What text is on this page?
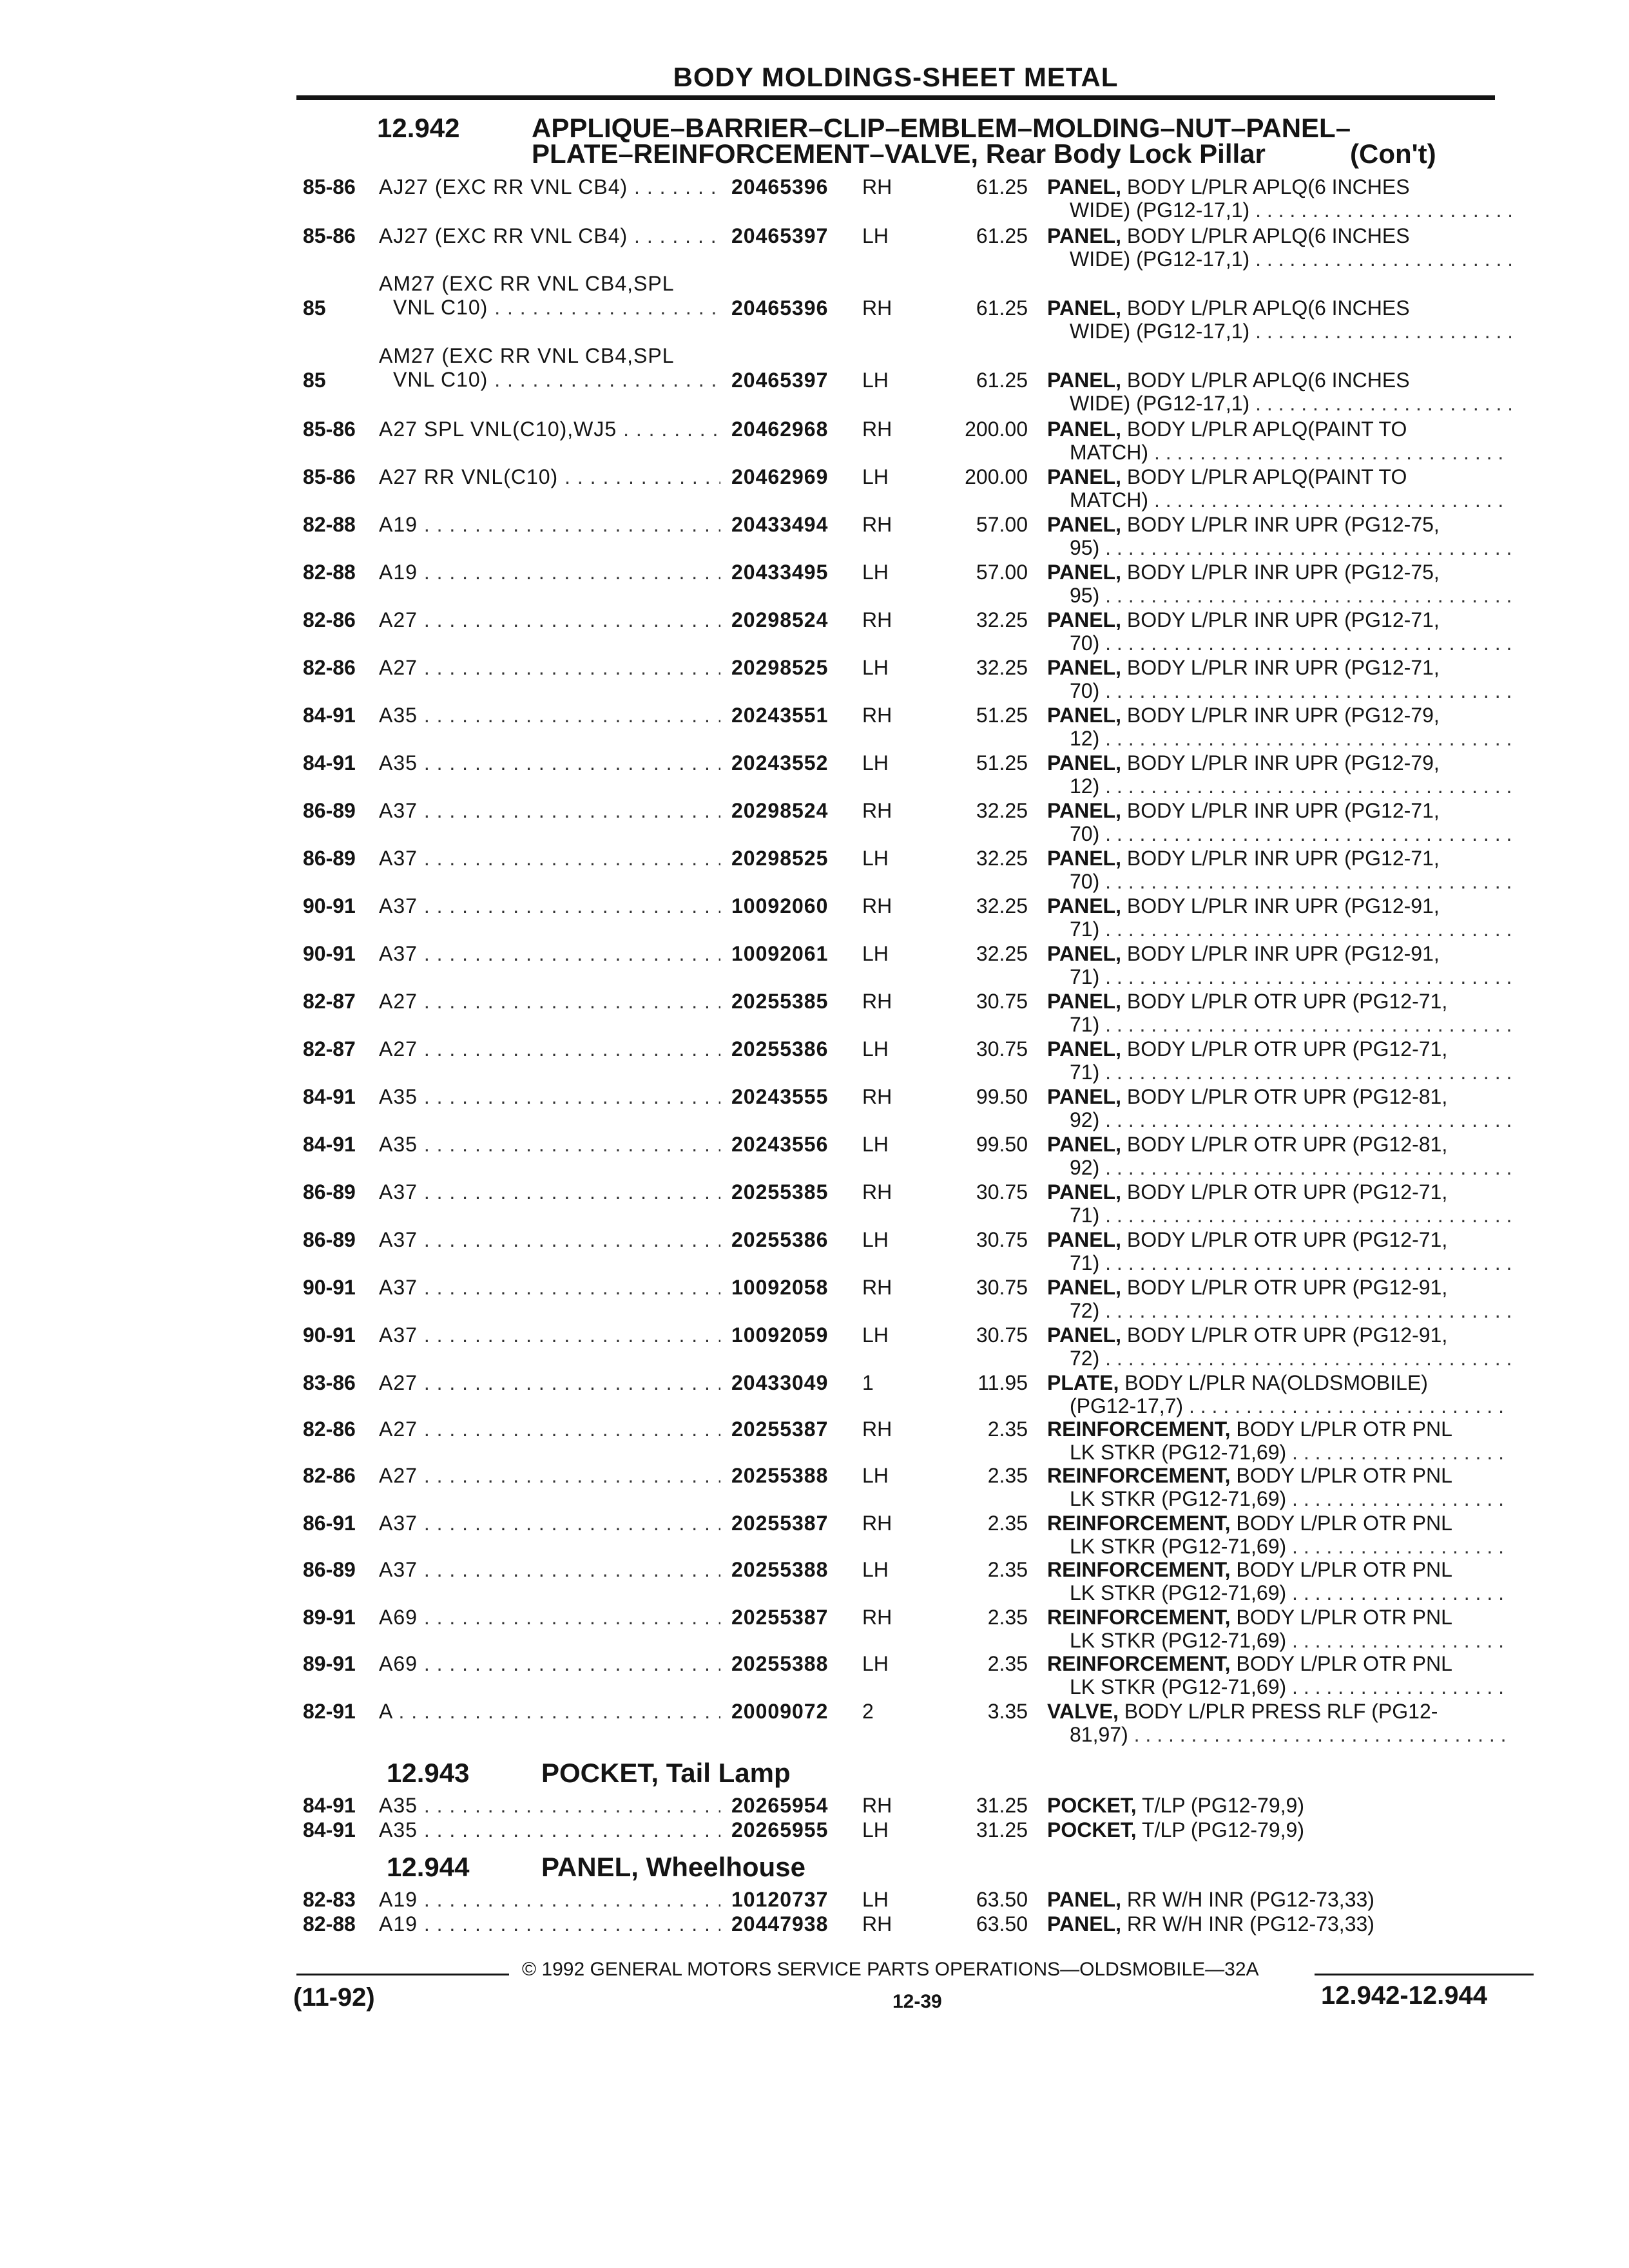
BODY MOLDINGS-SHEET METAL
12.942	APPLIQUE–BARRIER–CLIP–EMBLEM–MOLDING–NUT–PANEL–
PLATE–REINFORCEMENT–VALVE, Rear Body Lock Pillar	(Con't)
85-86	AJ27 (EXC RR VNL CB4) . . .	20465396 RH	61.25 PANEL, BODY L/PLR APLQ(6 INCHES
WIDE) (PG12-17,1) . . .
85-86	AJ27 (EXC RR VNL CB4) . . .	20465397 LH	61.25 PANEL, BODY L/PLR APLQ(6 INCHES
WIDE) (PG12-17,1) . . .
85
AM27 (EXC RR VNL CB4,SPL
VNL C10) . . .	20465396 RH	61.25 PANEL, BODY L/PLR APLQ(6 INCHES
WIDE) (PG12-17,1) . . .
85
AM27 (EXC RR VNL CB4,SPL
VNL C10) . . .	20465397 LH	61.25 PANEL, BODY L/PLR APLQ(6 INCHES
WIDE) (PG12-17,1) . . .
85-86	A27 SPL VNL(C10),WJ5 . . .	20462968 RH	200.00 PANEL, BODY L/PLR APLQ(PAINT TO
MATCH) . . .
85-86	A27 RR VNL(C10) . . .	20462969 LH	200.00 PANEL, BODY L/PLR APLQ(PAINT TO
MATCH) . . .
82-88	A19 . . .	20433494 RH	57.00 PANEL, BODY L/PLR INR UPR (PG12-75,
95) . . .
82-88	A19 . . .	20433495 LH	57.00 PANEL, BODY L/PLR INR UPR (PG12-75,
95) . . .
82-86	A27 . . .	20298524 RH	32.25 PANEL, BODY L/PLR INR UPR (PG12-71,
70) . . .
82-86	A27 . . .	20298525 LH	32.25 PANEL, BODY L/PLR INR UPR (PG12-71,
70) . . .
84-91	A35 . . .	20243551 RH	51.25 PANEL, BODY L/PLR INR UPR (PG12-79,
12) . . .
84-91	A35 . . .	20243552 LH	51.25 PANEL, BODY L/PLR INR UPR (PG12-79,
12) . . .
86-89	A37 . . .	20298524 RH	32.25 PANEL, BODY L/PLR INR UPR (PG12-71,
70) . . .
86-89	A37 . . .	20298525 LH	32.25 PANEL, BODY L/PLR INR UPR (PG12-71,
70) . . .
90-91	A37 . . .	10092060 RH	32.25 PANEL, BODY L/PLR INR UPR (PG12-91,
71) . . .
90-91	A37 . . .	10092061 LH	32.25 PANEL, BODY L/PLR INR UPR (PG12-91,
71) . . .
82-87	A27 . . .	20255385 RH	30.75 PANEL, BODY L/PLR OTR UPR (PG12-71,
71) . . .
82-87	A27 . . .	20255386 LH	30.75 PANEL, BODY L/PLR OTR UPR (PG12-71,
71) . . .
84-91	A35 . . .	20243555 RH	99.50 PANEL, BODY L/PLR OTR UPR (PG12-81,
92) . . .
84-91	A35 . . .	20243556 LH	99.50 PANEL, BODY L/PLR OTR UPR (PG12-81,
92) . . .
86-89	A37 . . .	20255385 RH	30.75 PANEL, BODY L/PLR OTR UPR (PG12-71,
71) . . .
86-89	A37 . . .	20255386 LH	30.75 PANEL, BODY L/PLR OTR UPR (PG12-71,
71) . . .
90-91	A37 . . .	10092058 RH	30.75 PANEL, BODY L/PLR OTR UPR (PG12-91,
72) . . .
90-91	A37 . . .	10092059 LH	30.75 PANEL, BODY L/PLR OTR UPR (PG12-91,
72) . . .
83-86	A27 . . .	20433049 1	11.95 PLATE, BODY L/PLR NA(OLDSMOBILE)
(PG12-17,7) . . .
82-86	A27 . . .	20255387 RH	2.35 REINFORCEMENT, BODY L/PLR OTR PNL
LK STKR (PG12-71,69) . . .
82-86	A27 . . .	20255388 LH	2.35 REINFORCEMENT, BODY L/PLR OTR PNL
LK STKR (PG12-71,69) . . .
86-91	A37 . . .	20255387 RH	2.35 REINFORCEMENT, BODY L/PLR OTR PNL
LK STKR (PG12-71,69) . . .
86-89	A37 . . .	20255388 LH	2.35 REINFORCEMENT, BODY L/PLR OTR PNL
LK STKR (PG12-71,69) . . .
89-91	A69 . . .	20255387 RH	2.35 REINFORCEMENT, BODY L/PLR OTR PNL
LK STKR (PG12-71,69) . . .
89-91	A69 . . .	20255388 LH	2.35 REINFORCEMENT, BODY L/PLR OTR PNL
LK STKR (PG12-71,69) . . .
82-91	A . . .	20009072 2	3.35 VALVE, BODY L/PLR PRESS RLF (PG12-
81,97) . . .
12.943	POCKET, Tail Lamp
84-91	A35 . . .	20265954 RH	31.25 POCKET, T/LP (PG12-79,9)
84-91	A35 . . .	20265955 LH	31.25 POCKET, T/LP (PG12-79,9)
12.944	PANEL, Wheelhouse
82-83	A19 . . .	10120737 LH	63.50 PANEL, RR W/H INR (PG12-73,33)
82-88	A19 . . .	20447938 RH	63.50 PANEL, RR W/H INR (PG12-73,33)
© 1992 GENERAL MOTORS SERVICE PARTS OPERATIONS—OLDSMOBILE—32A
(11-92)	12-39	12.942-12.944
